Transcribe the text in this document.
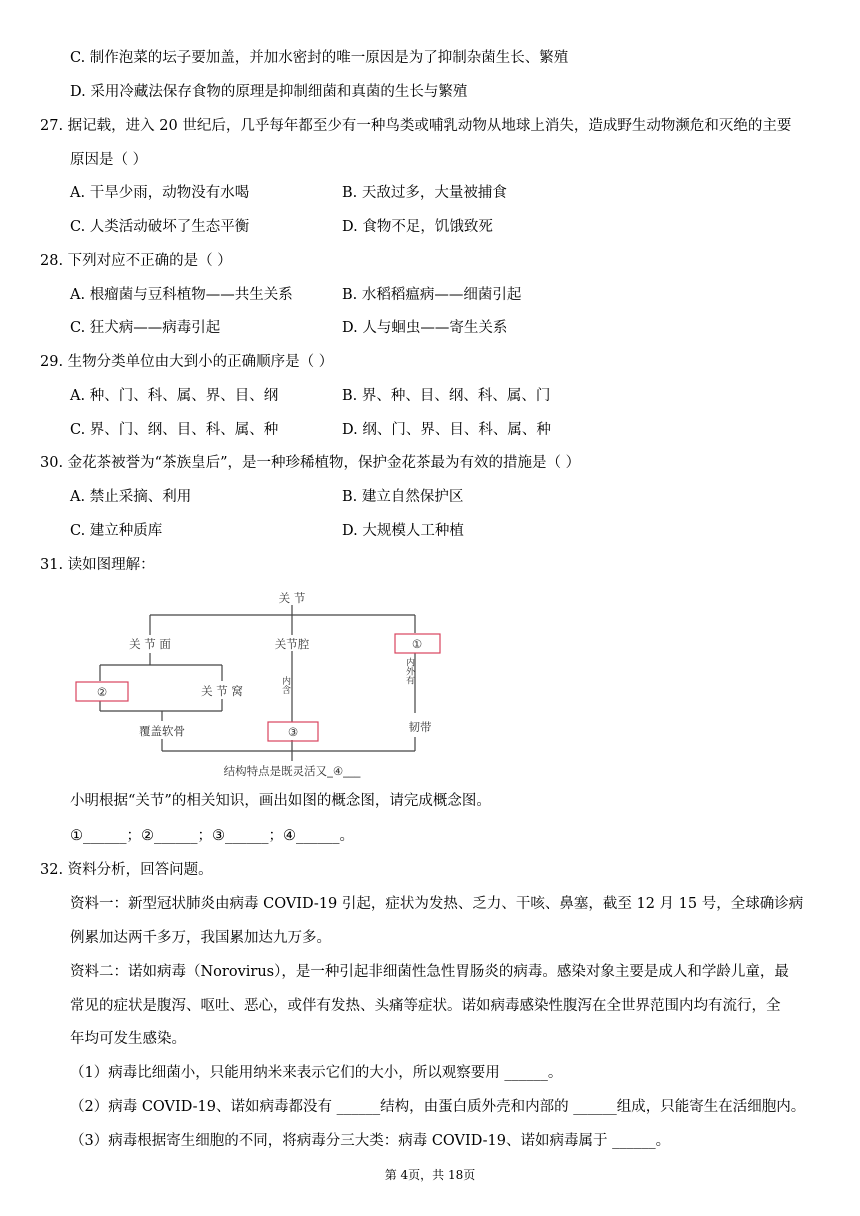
C. 制作泡菜的坛子要加盖，并加水密封的唯一原因是为了抑制杂菌生长、繁殖
D. 采用冷藏法保存食物的原理是抑制细菌和真菌的生长与繁殖
27. 据记载，进入 20 世纪后，几乎每年都至少有一种鸟类或哺乳动物从地球上消失，造成野生动物濒危和灭绝的主要
原因是（ ）
A. 干旱少雨，动物没有水喝	B. 天敌过多，大量被捕食
C. 人类活动破坏了生态平衡	D. 食物不足，饥饿致死
28. 下列对应不正确的是（ ）
A. 根瘤菌与豆科植物——共生关系	B. 水稻稻瘟病——细菌引起
C. 狂犬病——病毒引起	D. 人与蛔虫——寄生关系
29. 生物分类单位由大到小的正确顺序是（ ）
A. 种、门、科、属、界、目、纲	B. 界、种、目、纲、科、属、门
C. 界、门、纲、目、科、属、种	D. 纲、门、界、目、科、属、种
30. 金花茶被誉为“茶族皇后”，是一种珍稀植物，保护金花茶最为有效的措施是（ ）
A. 禁止采摘、利用	B. 建立自然保护区
C. 建立种质库	D. 大规模人工种植
31. 读如图理解：
关 节
关 节 面	关节腔	①
②	关 节 窝
③
覆盖软骨	韧带
内含
内外有
结构特点是既灵活又_④___
小明根据“关节”的相关知识，画出如图的概念图，请完成概念图。
①______；②______；③______；④______。
32. 资料分析，回答问题。
资料一：新型冠状肺炎由病毒 COVID-19 引起，症状为发热、乏力、干咳、鼻塞，截至 12 月 15 号，全球确诊病
例累加达两千多万，我国累加达九万多。
资料二：诺如病毒（Norovirus），是一种引起非细菌性急性胃肠炎的病毒。感染对象主要是成人和学龄儿童，最
常见的症状是腹泻、呕吐、恶心，或伴有发热、头痛等症状。诺如病毒感染性腹泻在全世界范围内均有流行，全
年均可发生感染。
（1）病毒比细菌小，只能用纳米来表示它们的大小，所以观察要用 ______。
（2）病毒 COVID-19、诺如病毒都没有 ______结构，由蛋白质外壳和内部的 ______组成，只能寄生在活细胞内。
（3）病毒根据寄生细胞的不同，将病毒分三大类：病毒 COVID-19、诺如病毒属于 ______。
第 4页，共 18页
